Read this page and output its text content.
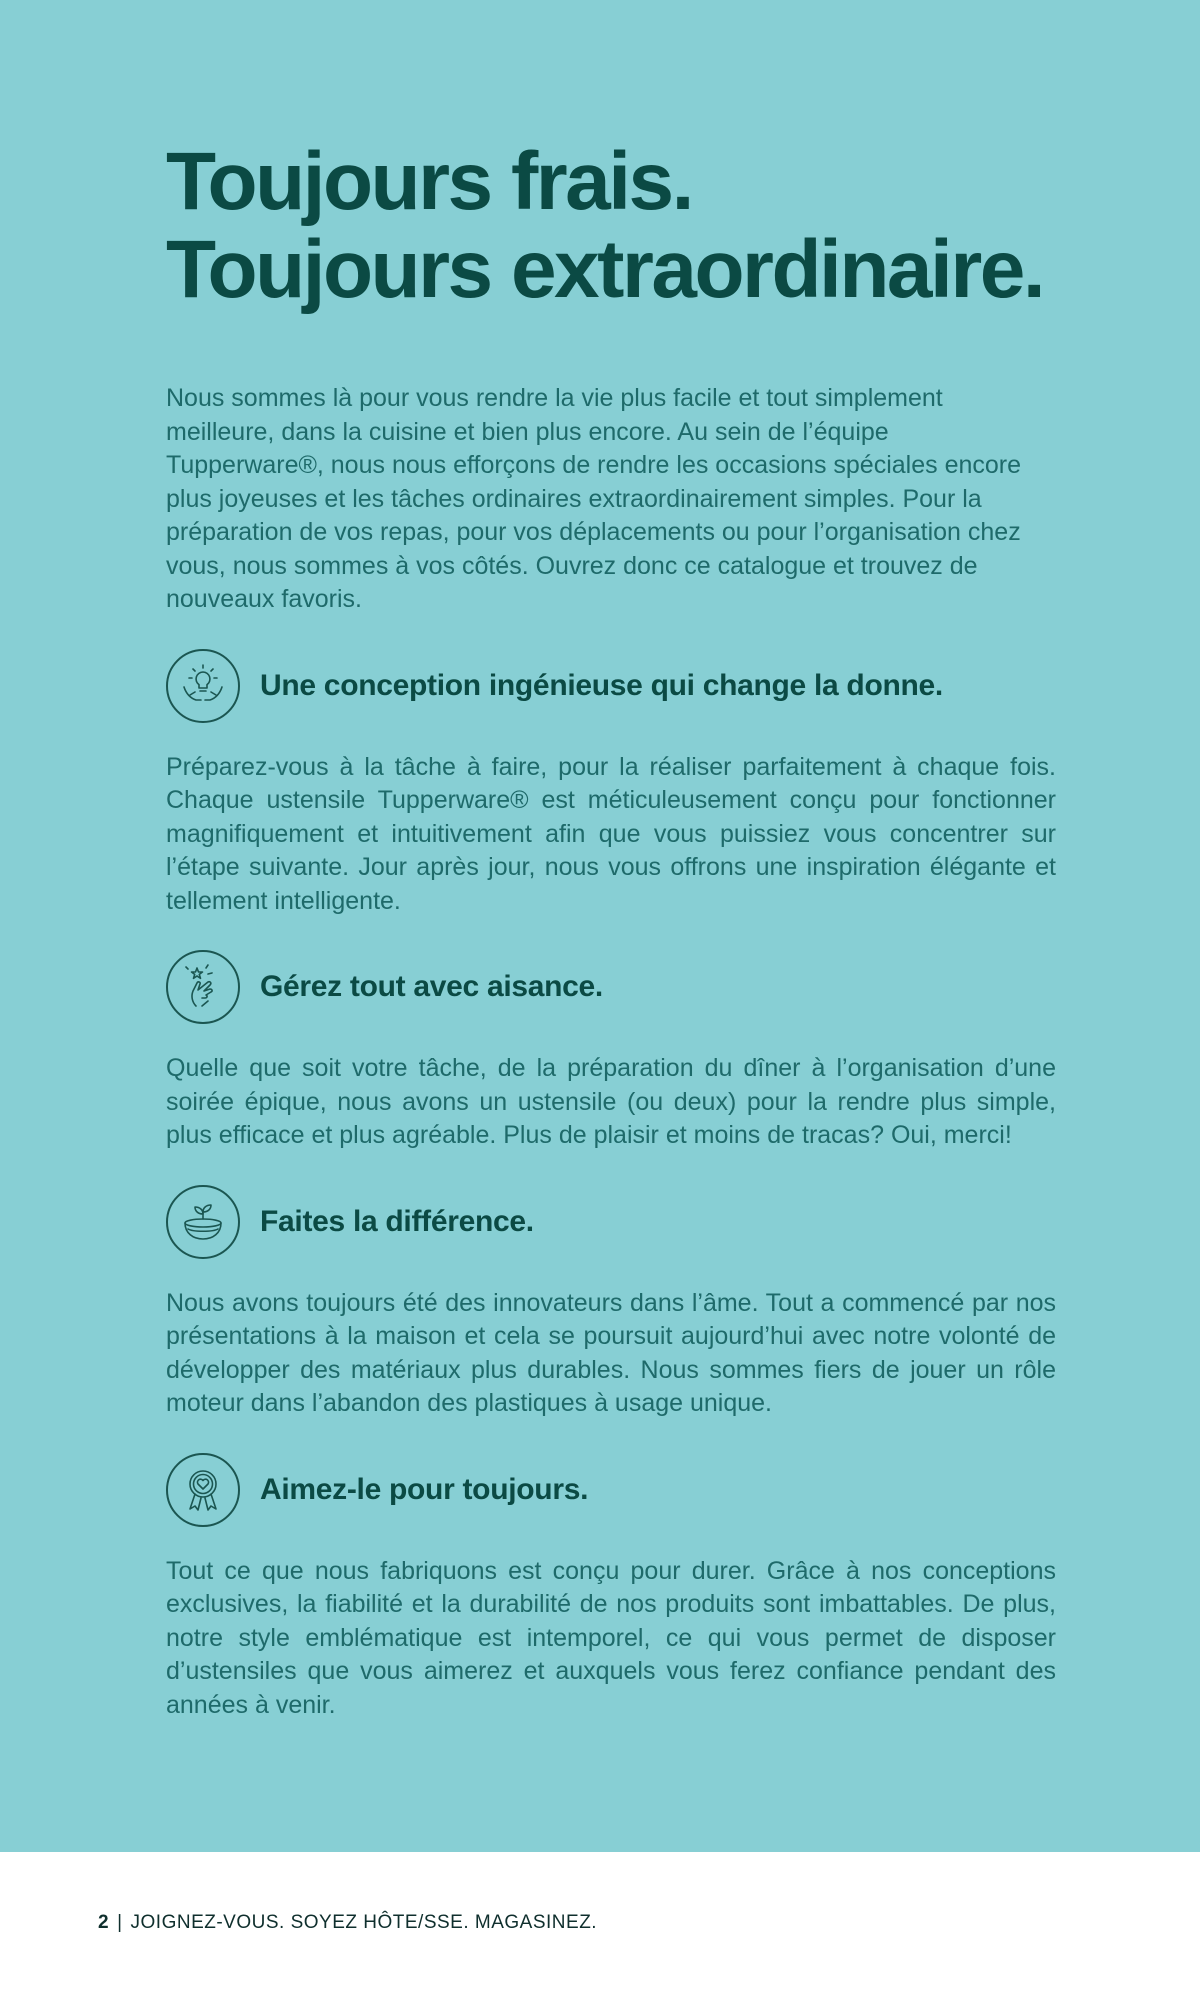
Toujours frais.
Toujours extraordinaire.

Nous sommes là pour vous rendre la vie plus facile et tout simplement meilleure, dans la cuisine et bien plus encore. Au sein de l’équipe Tupperware®, nous nous efforçons de rendre les occasions spéciales encore plus joyeuses et les tâches ordinaires extraordinairement simples. Pour la préparation de vos repas, pour vos déplacements ou pour l’organisation chez vous, nous sommes à vos côtés. Ouvrez donc ce catalogue et trouvez de nouveaux favoris.

Une conception ingénieuse qui change la donne.

Préparez-vous à la tâche à faire, pour la réaliser parfaitement à chaque fois. Chaque ustensile Tupperware® est méticuleusement conçu pour fonctionner magnifiquement et intuitivement afin que vous puissiez vous concentrer sur l’étape suivante. Jour après jour, nous vous offrons une inspiration élégante et tellement intelligente.

Gérez tout avec aisance.

Quelle que soit votre tâche, de la préparation du dîner à l’organisation d’une soirée épique, nous avons un ustensile (ou deux) pour la rendre plus simple, plus efficace et plus agréable. Plus de plaisir et moins de tracas? Oui, merci!

Faites la différence.

Nous avons toujours été des innovateurs dans l’âme. Tout a commencé par nos présentations à la maison et cela se poursuit aujourd’hui avec notre volonté de développer des matériaux plus durables. Nous sommes fiers de jouer un rôle moteur dans l’abandon des plastiques à usage unique.

Aimez-le pour toujours.

Tout ce que nous fabriquons est conçu pour durer. Grâce à nos conceptions exclusives, la fiabilité et la durabilité de nos produits sont imbattables. De plus, notre style emblématique est intemporel, ce qui vous permet de disposer d’ustensiles que vous aimerez et auxquels vous ferez confiance pendant des années à venir.

2 | JOIGNEZ-VOUS. SOYEZ HÔTE/SSE. MAGASINEZ.
